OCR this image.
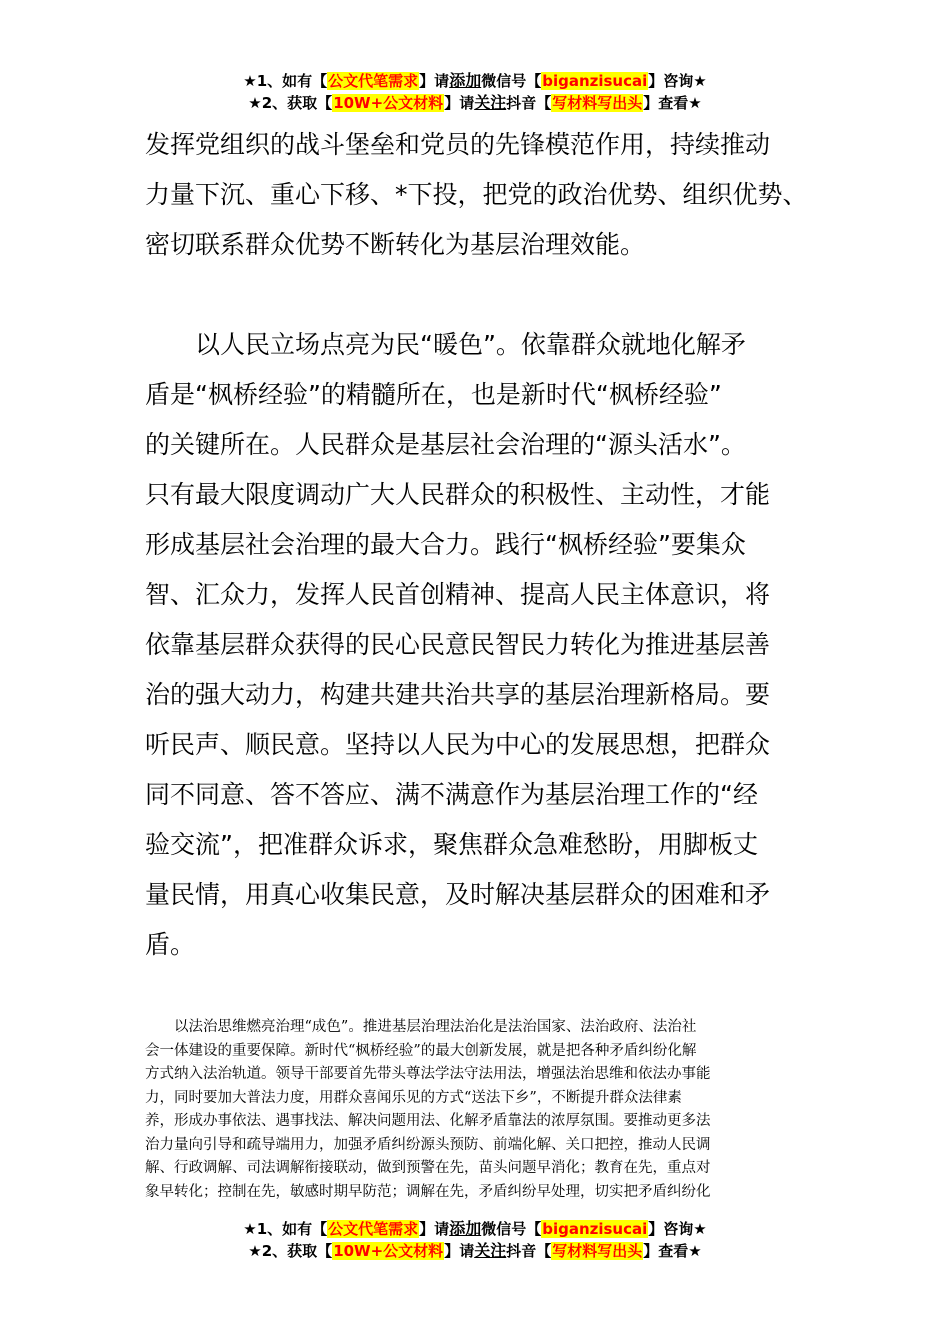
★1、如有【公文代笔需求】请添加微信号【biganzisucai】咨询★
★2、获取【10W+公文材料】请关注抖音【写材料写出头】查看★
发挥党组织的战斗堡垒和党员的先锋模范作用，持续推动
力量下沉、重心下移、*下投，把党的政治优势、组织优势、
密切联系群众优势不断转化为基层治理效能。
　　以人民立场点亮为民“暖色”。依靠群众就地化解矛
盾是“枫桥经验”的精髓所在，也是新时代“枫桥经验”
的关键所在。人民群众是基层社会治理的“源头活水”。
只有最大限度调动广大人民群众的积极性、主动性，才能
形成基层社会治理的最大合力。践行“枫桥经验”要集众
智、汇众力，发挥人民首创精神、提高人民主体意识，将
依靠基层群众获得的民心民意民智民力转化为推进基层善
治的强大动力，构建共建共治共享的基层治理新格局。要
听民声、顺民意。坚持以人民为中心的发展思想，把群众
同不同意、答不答应、满不满意作为基层治理工作的“经
验交流”，把准群众诉求，聚焦群众急难愁盼，用脚板丈
量民情，用真心收集民意，及时解决基层群众的困难和矛
盾。
　　以法治思维燃亮治理“成色”。推进基层治理法治化是法治国家、法治政府、法治社
会一体建设的重要保障。新时代“枫桥经验”的最大创新发展，就是把各种矛盾纠纷化解
方式纳入法治轨道。领导干部要首先带头尊法学法守法用法，增强法治思维和依法办事能
力，同时要加大普法力度，用群众喜闻乐见的方式“送法下乡”，不断提升群众法律素
养，形成办事依法、遇事找法、解决问题用法、化解矛盾靠法的浓厚氛围。要推动更多法
治力量向引导和疏导端用力，加强矛盾纠纷源头预防、前端化解、关口把控，推动人民调
解、行政调解、司法调解衔接联动，做到预警在先，苗头问题早消化；教育在先，重点对
象早转化；控制在先，敏感时期早防范；调解在先，矛盾纠纷早处理，切实把矛盾纠纷化
★1、如有【公文代笔需求】请添加微信号【biganzisucai】咨询★
★2、获取【10W+公文材料】请关注抖音【写材料写出头】查看★
